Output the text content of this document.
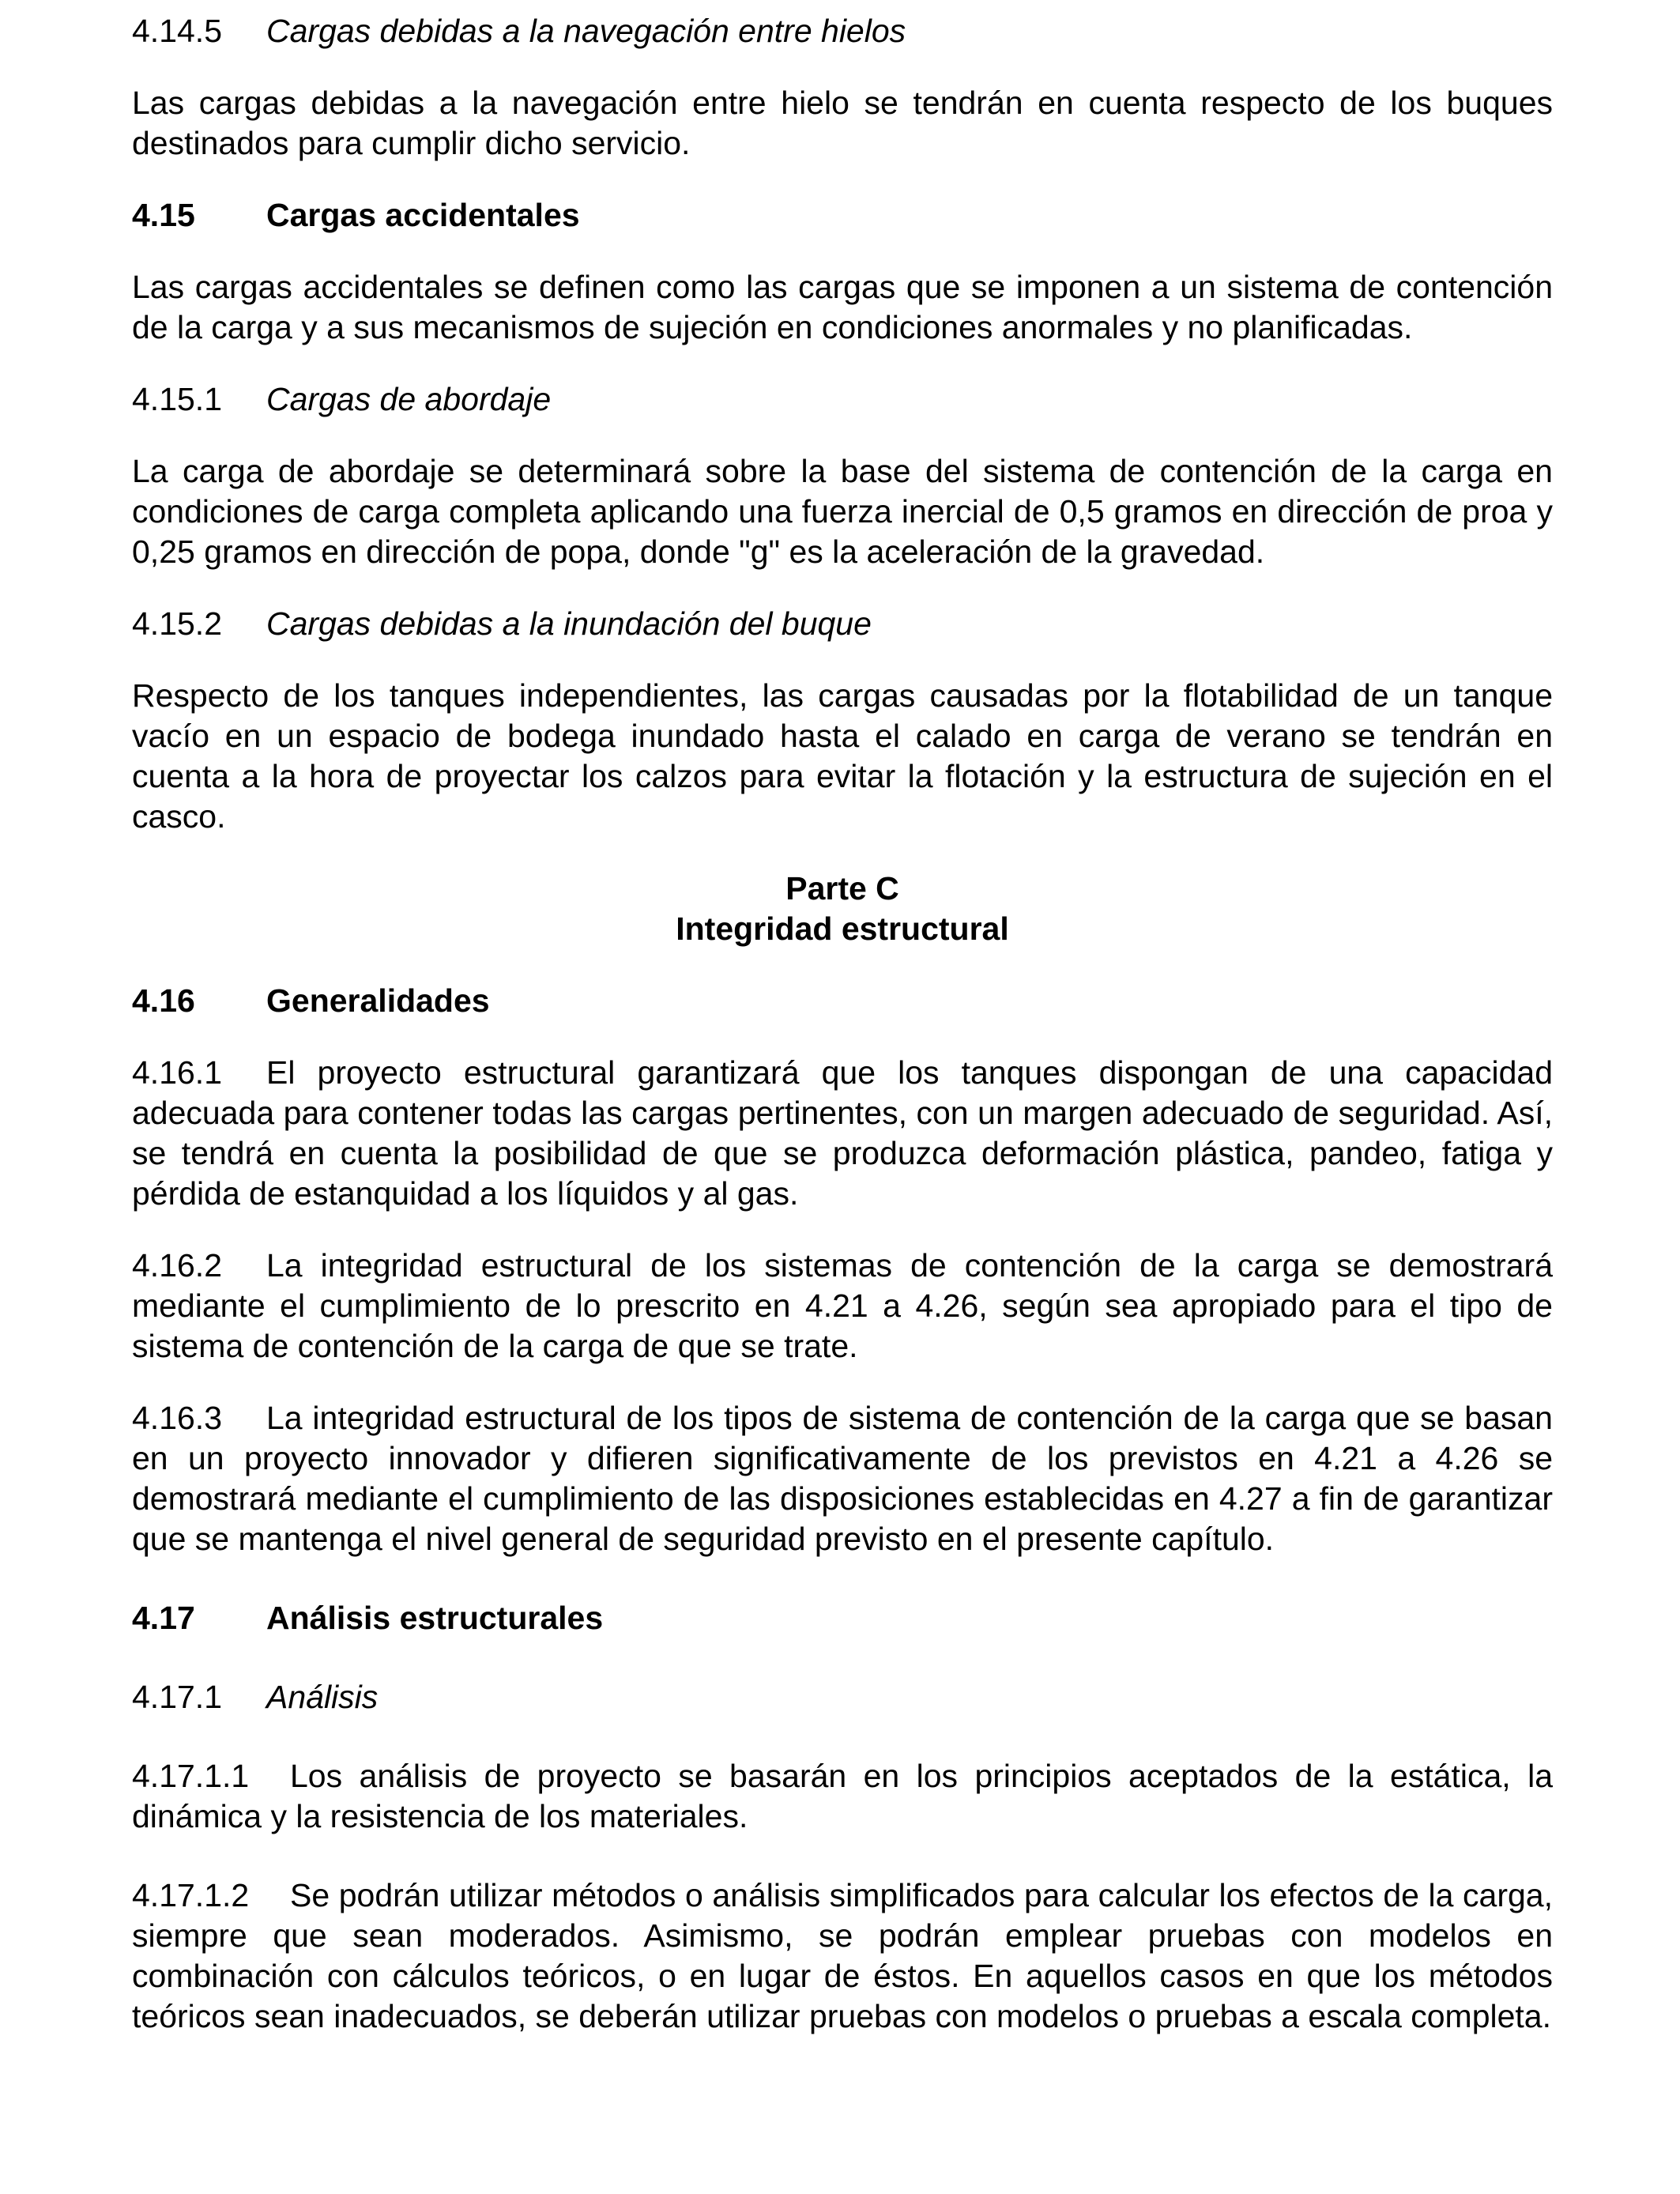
4.14.5	Cargas debidas a la navegación entre hielos

Las cargas debidas a la navegación entre hielo se tendrán en cuenta respecto de los buques destinados para cumplir dicho servicio.

4.15	Cargas accidentales

Las cargas accidentales se definen como las cargas que se imponen a un sistema de contención de la carga y a sus mecanismos de sujeción en condiciones anormales y no planificadas.

4.15.1	Cargas de abordaje

La carga de abordaje se determinará sobre la base del sistema de contención de la carga en condiciones de carga completa aplicando una fuerza inercial de 0,5 gramos en dirección de proa y 0,25 gramos en dirección de popa, donde "g" es la aceleración de la gravedad.

4.15.2	Cargas debidas a la inundación del buque

Respecto de los tanques independientes, las cargas causadas por la flotabilidad de un tanque vacío en un espacio de bodega inundado hasta el calado en carga de verano se tendrán en cuenta a la hora de proyectar los calzos para evitar la flotación y la estructura de sujeción en el casco.

Parte C

Integridad estructural

4.16	Generalidades

4.16.1 El proyecto estructural garantizará que los tanques dispongan de una capacidad adecuada para contener todas las cargas pertinentes, con un margen adecuado de seguridad. Así, se tendrá en cuenta la posibilidad de que se produzca deformación plástica, pandeo, fatiga y pérdida de estanquidad a los líquidos y al gas.

4.16.2 La integridad estructural de los sistemas de contención de la carga se demostrará mediante el cumplimiento de lo prescrito en 4.21 a 4.26, según sea apropiado para el tipo de sistema de contención de la carga de que se trate.

4.16.3 La integridad estructural de los tipos de sistema de contención de la carga que se basan en un proyecto innovador y difieren significativamente de los previstos en 4.21 a 4.26 se demostrará mediante el cumplimiento de las disposiciones establecidas en 4.27 a fin de garantizar que se mantenga el nivel general de seguridad previsto en el presente capítulo.

4.17	Análisis estructurales
4.17.1	Análisis

4.17.1.1 Los análisis de proyecto se basarán en los principios aceptados de la estática, la dinámica y la resistencia de los materiales.

4.17.1.2 Se podrán utilizar métodos o análisis simplificados para calcular los efectos de la carga, siempre que sean moderados. Asimismo, se podrán emplear pruebas con modelos en combinación con cálculos teóricos, o en lugar de éstos. En aquellos casos en que los métodos teóricos sean inadecuados, se deberán utilizar pruebas con modelos o pruebas a escala completa.
